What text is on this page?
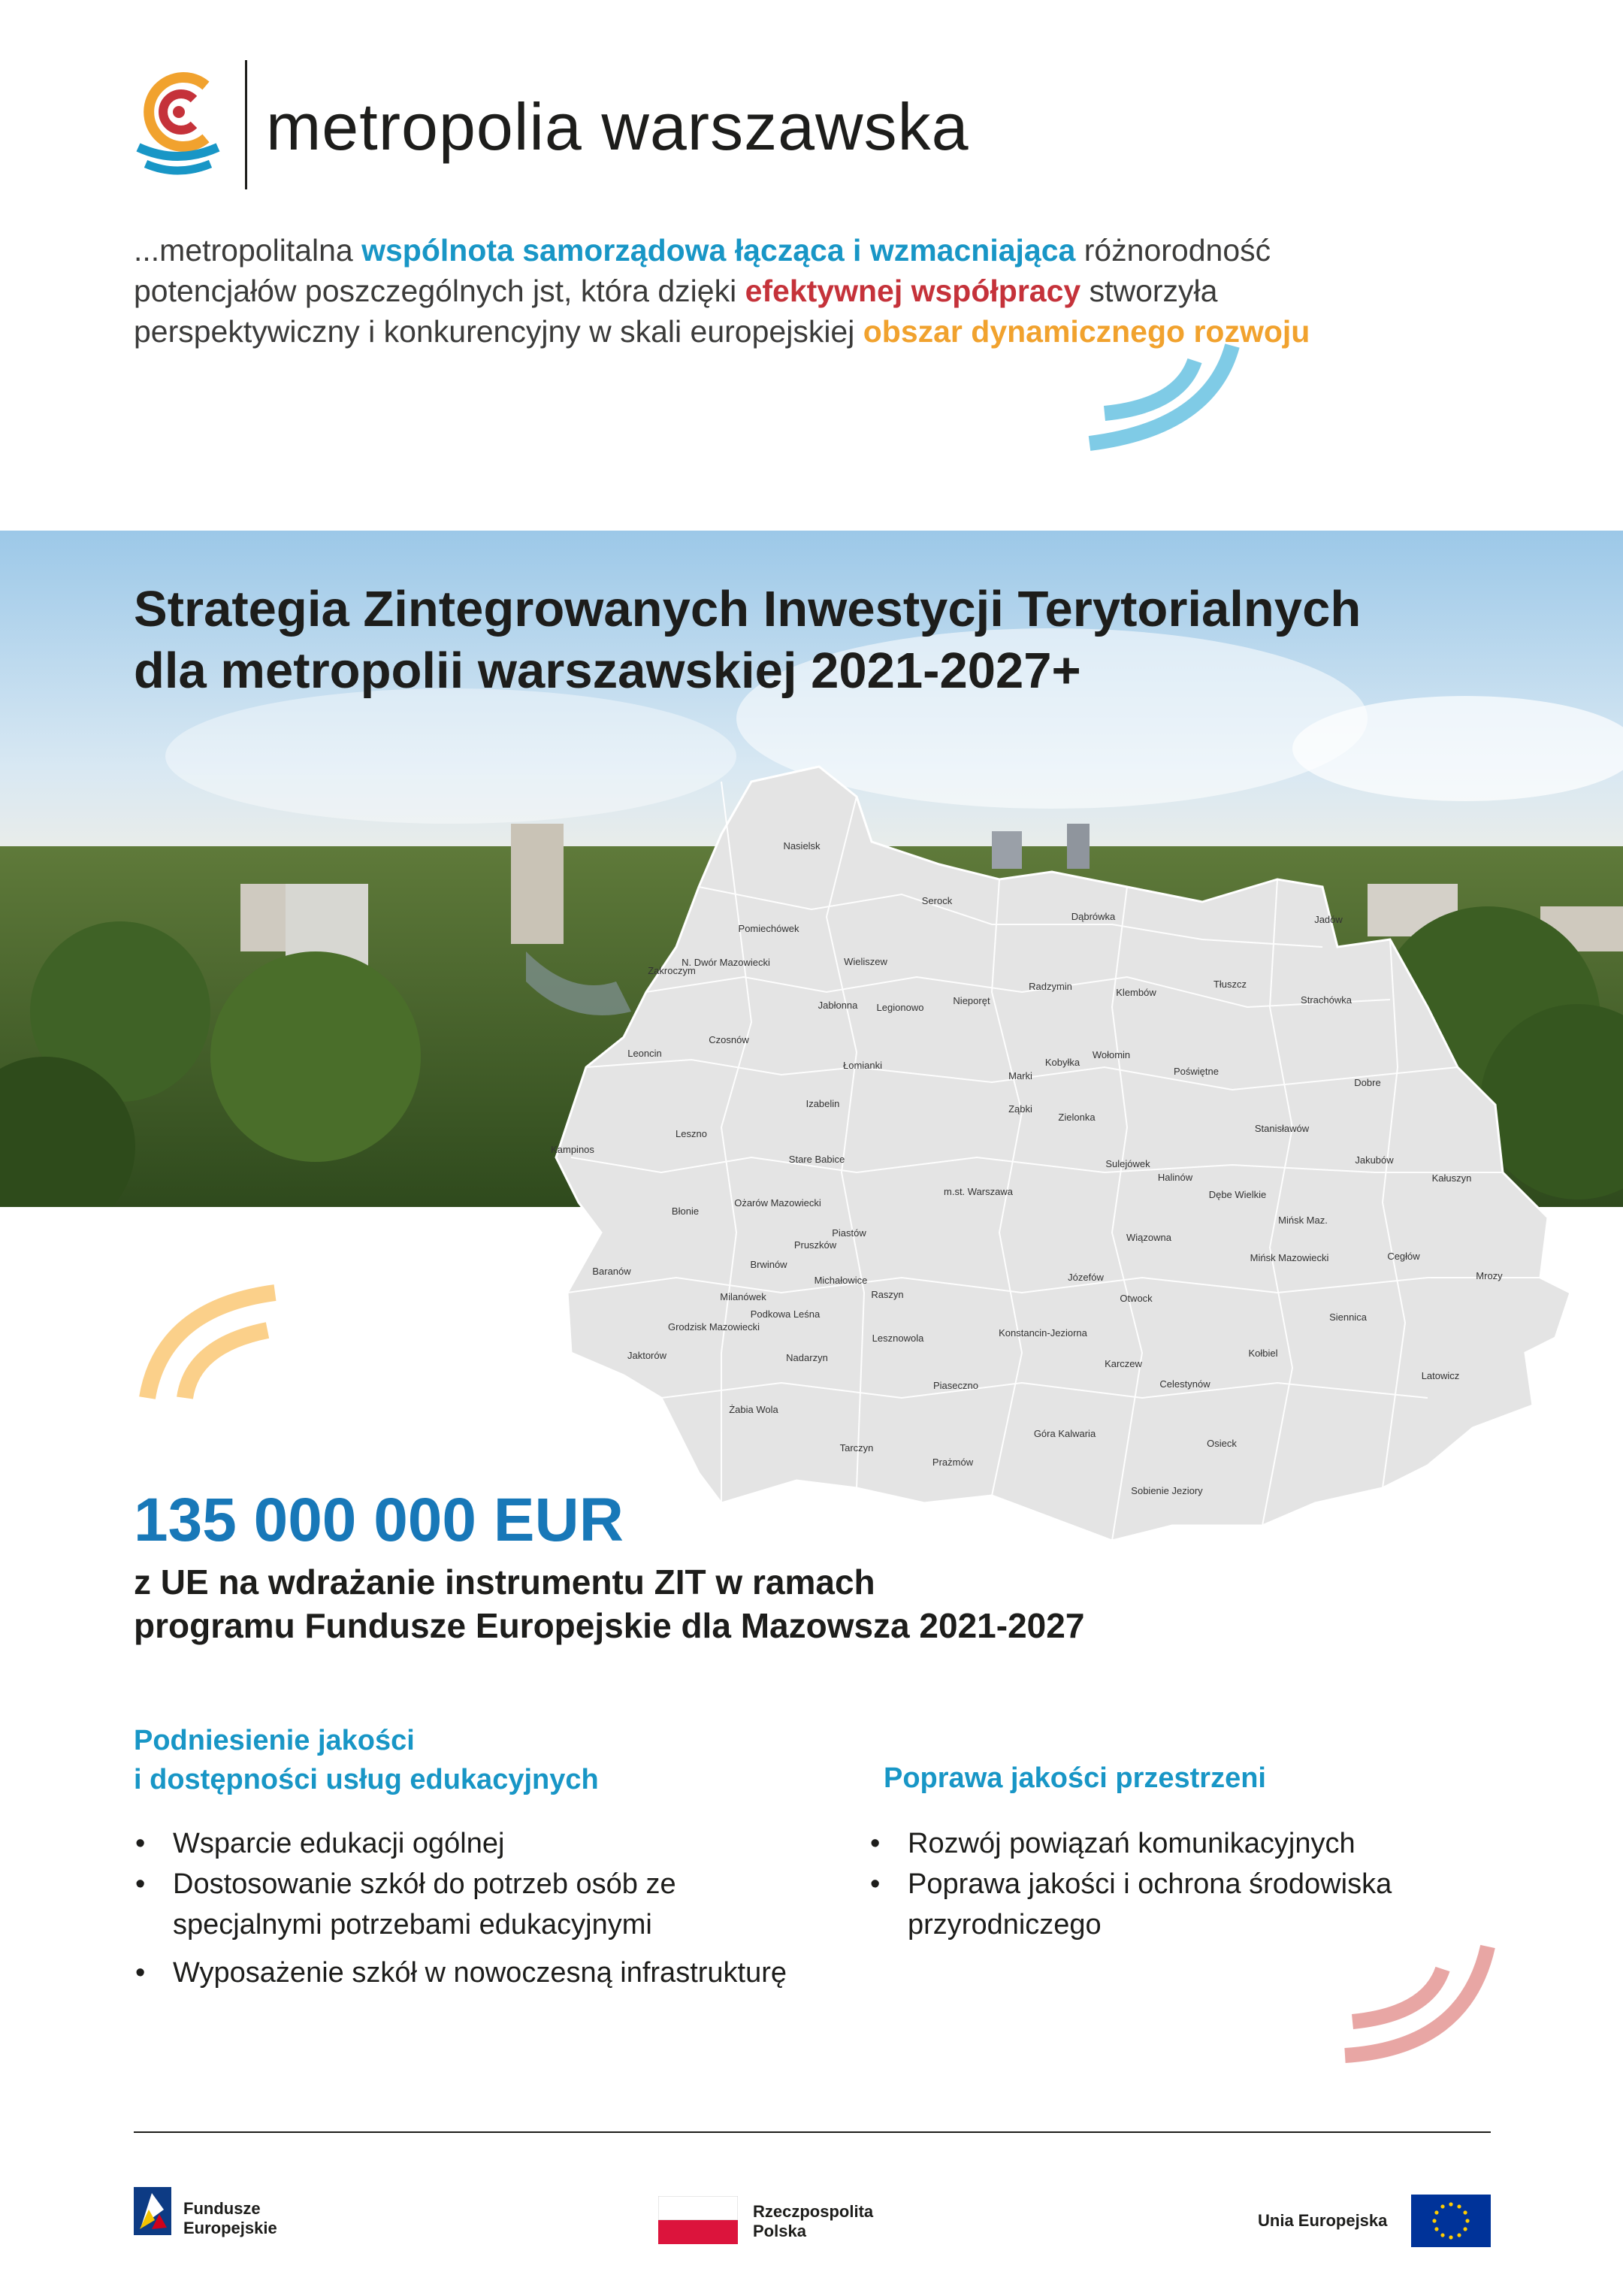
metropolia warszawska
...metropolitalna wspólnota samorządowa łącząca i wzmacniająca różnorodność potencjałów poszczególnych jst, która dzięki efektywnej współpracy stworzyła perspektywiczny i konkurencyjny w skali europejskiej obszar dynamicznego rozwoju
Strategia Zintegrowanych Inwestycji Terytorialnych
dla metropolii warszawskiej 2021-2027+
Nasielsk
Serock
Dąbrówka	Jadów
Pomiechówek
Wieliszew
N. Dwór Mazowiecki
Zakroczym
Jabłonna Legionowo
Nieporęt
Radzymin
Klembów
Tłuszcz
Strachówka
Leoncin
Czosnów
Łomianki
Marki
Kobyłka
Wołomin
Poświętne
Dobre
Izabelin	Ząbki
Zielonka
Stanisławów
Leszno
Kampinos
Stare Babice
m.st. Warszawa
Sulejówek
Halinów
Jakubów
Kałuszyn
Ożarów Mazowiecki
Błonie
Dębe Wielkie
Mińsk Maz.
Piastów
Pruszków
Wiązowna
Mińsk Mazowiecki	Cegłów
Baranów
Brwinów
Michałowice	Józefów	Mrozy
Milanówek
Podkowa Leśna
Raszyn	Otwock
Grodzisk Mazowiecki
Konstancin-Jeziorna
Siennica
Lesznowola
Jaktorów	Nadarzyn
Karczew
Kołbiel
Celestynów
Latowicz
Piaseczno
Żabia Wola
Góra Kalwaria
Osieck
Tarczyn
Prażmów
Sobienie Jeziory
135 000 000 EUR
z UE na wdrażanie instrumentu ZIT w ramach
programu Fundusze Europejskie dla Mazowsza 2021-2027
Podniesienie jakości
i dostępności usług edukacyjnych
• Wsparcie edukacji ogólnej
• Dostosowanie szkół do potrzeb osób ze specjalnymi potrzebami edukacyjnymi
• Wyposażenie szkół w nowoczesną infrastrukturę
Poprawa jakości przestrzeni
• Rozwój powiązań komunikacyjnych
• Poprawa jakości i ochrona środowiska przyrodniczego
Fundusze
Europejskie
Rzeczpospolita
Polska
Unia Europejska
